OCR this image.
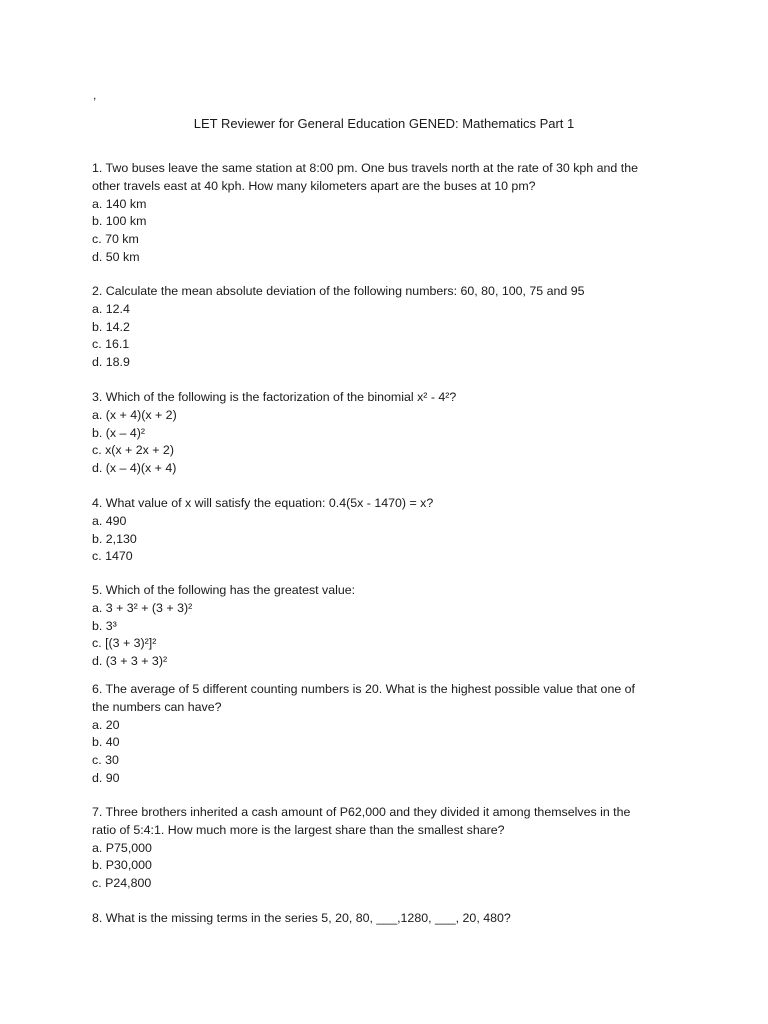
,
LET Reviewer for General Education GENED: Mathematics Part 1
1. Two buses leave the same station at 8:00 pm. One bus travels north at the rate of 30 kph and the
other travels east at 40 kph. How many kilometers apart are the buses at 10 pm?
a. 140 km
b. 100 km
c. 70 km
d. 50 km
2. Calculate the mean absolute deviation of the following numbers: 60, 80, 100, 75 and 95
a. 12.4
b. 14.2
c. 16.1
d. 18.9
3. Which of the following is the factorization of the binomial x² - 4²?
a. (x + 4)(x + 2)
b. (x – 4)²
c. x(x + 2x + 2)
d. (x – 4)(x + 4)
4. What value of x will satisfy the equation: 0.4(5x - 1470) = x?
a. 490
b. 2,130
c. 1470
5. Which of the following has the greatest value:
a. 3 + 3² + (3 + 3)²
b. 3³
c. [(3 + 3)²]²
d. (3 + 3 + 3)²
6. The average of 5 different counting numbers is 20. What is the highest possible value that one of
the numbers can have?
a. 20
b. 40
c. 30
d. 90
7. Three brothers inherited a cash amount of P62,000 and they divided it among themselves in the
ratio of 5:4:1. How much more is the largest share than the smallest share?
a. P75,000
b. P30,000
c. P24,800
8. What is the missing terms in the series 5, 20, 80, ___,1280, ___, 20, 480?
